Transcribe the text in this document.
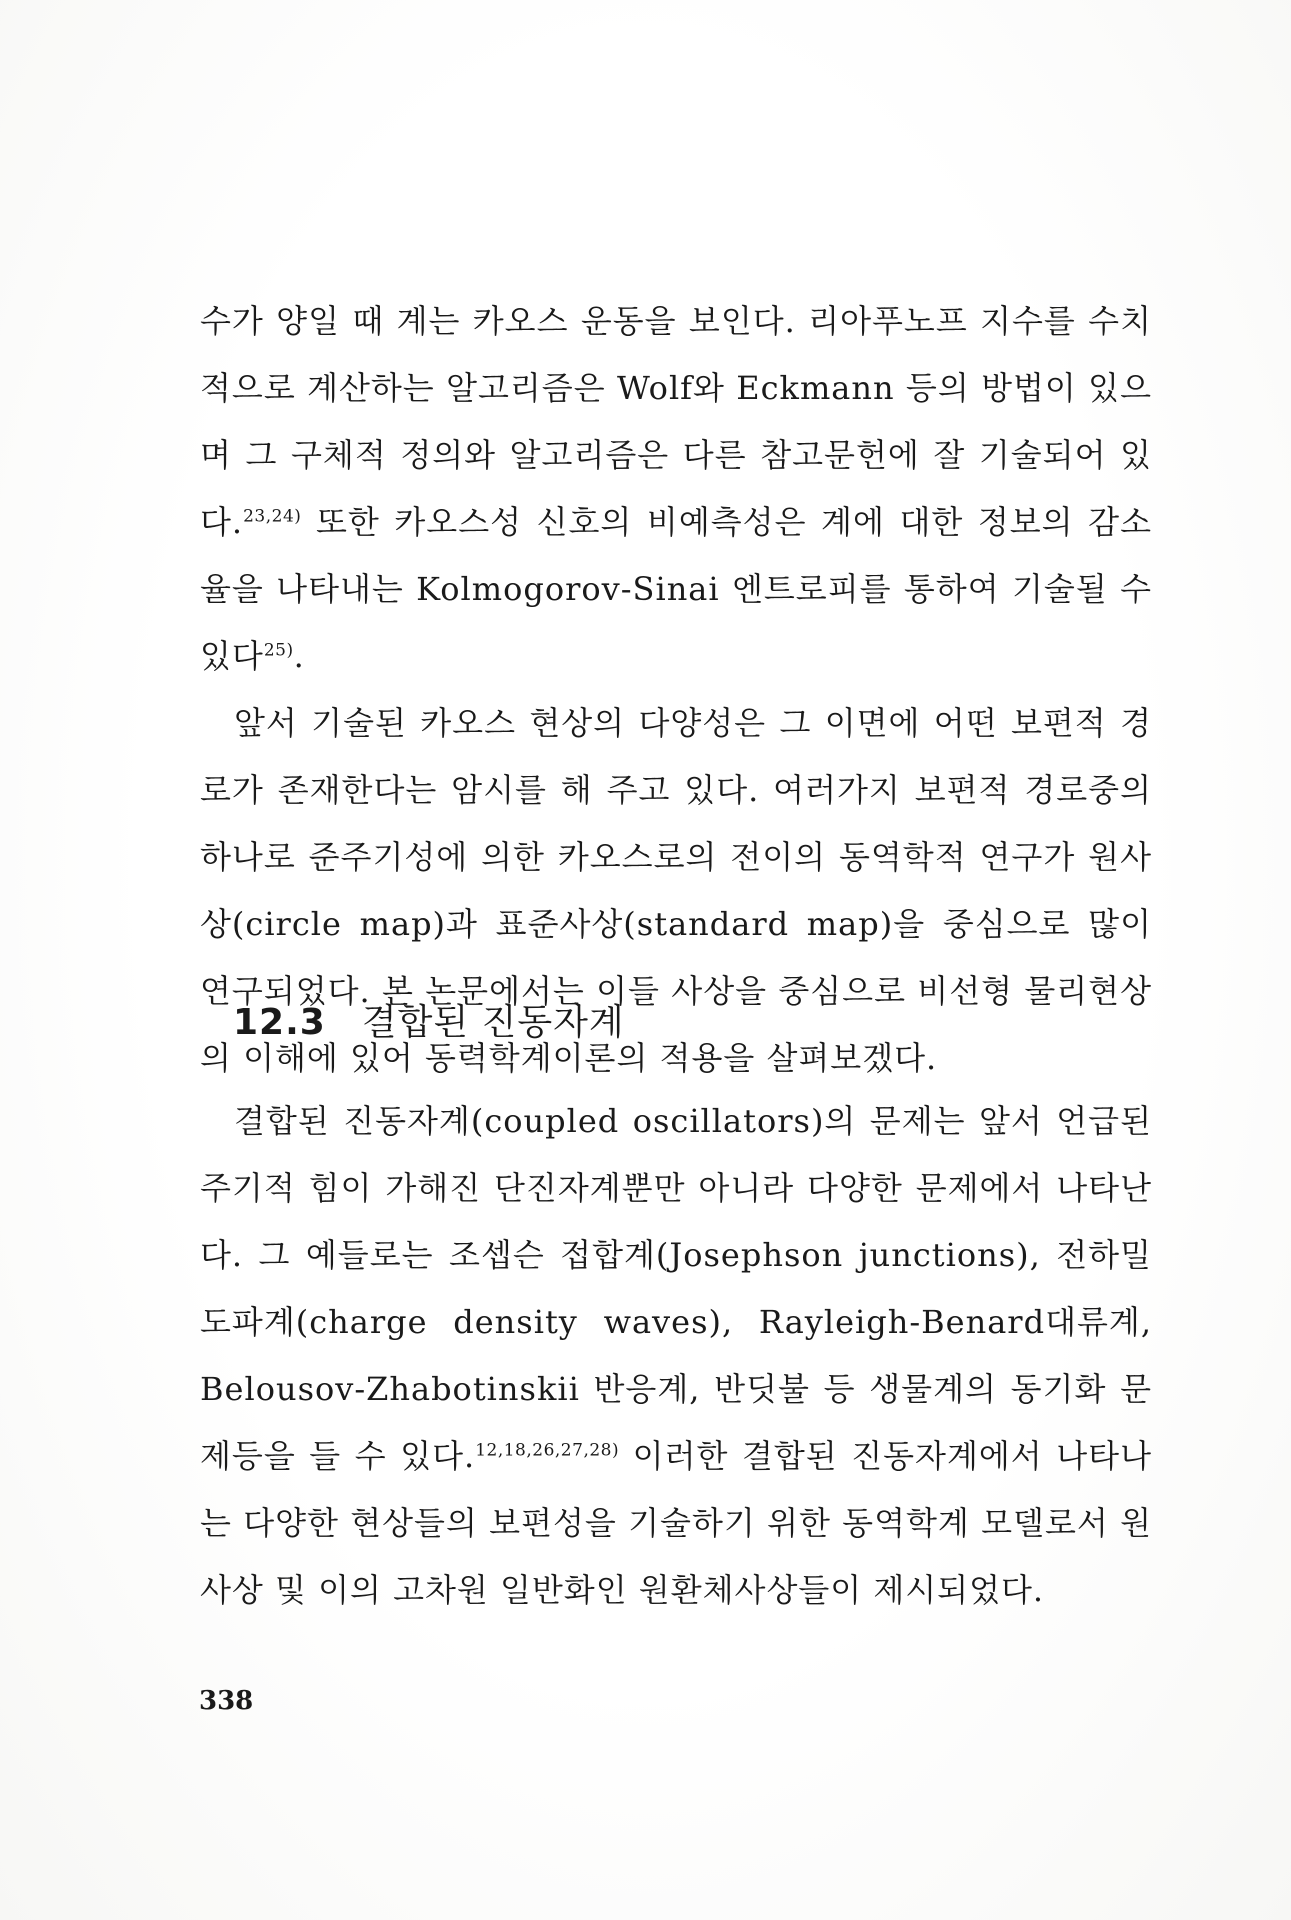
수가 양일 때 계는 카오스 운동을 보인다. 리아푸노프 지수를 수치적으로 계산하는 알고리즘은 Wolf와 Eckmann 등의 방법이 있으며 그 구체적 정의와 알고리즘은 다른 참고문헌에 잘 기술되어 있다.$^{23,24)}$ 또한 카오스성 신호의 비예측성은 계에 대한 정보의 감소율을 나타내는 Kolmogorov-Sinai 엔트로피를 통하여 기술될 수 있다$^{25)}$.

앞서 기술된 카오스 현상의 다양성은 그 이면에 어떤 보편적 경로가 존재한다는 암시를 해 주고 있다. 여러가지 보편적 경로중의 하나로 준주기성에 의한 카오스로의 전이의 동역학적 연구가 원사상(circle map)과 표준사상(standard map)을 중심으로 많이 연구되었다. 본 논문에서는 이들 사상을 중심으로 비선형 물리현상의 이해에 있어 동력학계이론의 적용을 살펴보겠다.

12.3 결합된 진동자계

결합된 진동자계(coupled oscillators)의 문제는 앞서 언급된 주기적 힘이 가해진 단진자계뿐만 아니라 다양한 문제에서 나타난다. 그 예들로는 조셉슨 접합계(Josephson junctions), 전하밀도파계(charge density waves), Rayleigh-Benard대류계, Belousov-Zhabotinskii 반응계, 반딧불 등 생물계의 동기화 문제등을 들 수 있다.$^{12,18,26,27,28)}$ 이러한 결합된 진동자계에서 나타나는 다양한 현상들의 보편성을 기술하기 위한 동역학계 모델로서 원사상 및 이의 고차원 일반화인 원환체사상들이 제시되었다.

338
